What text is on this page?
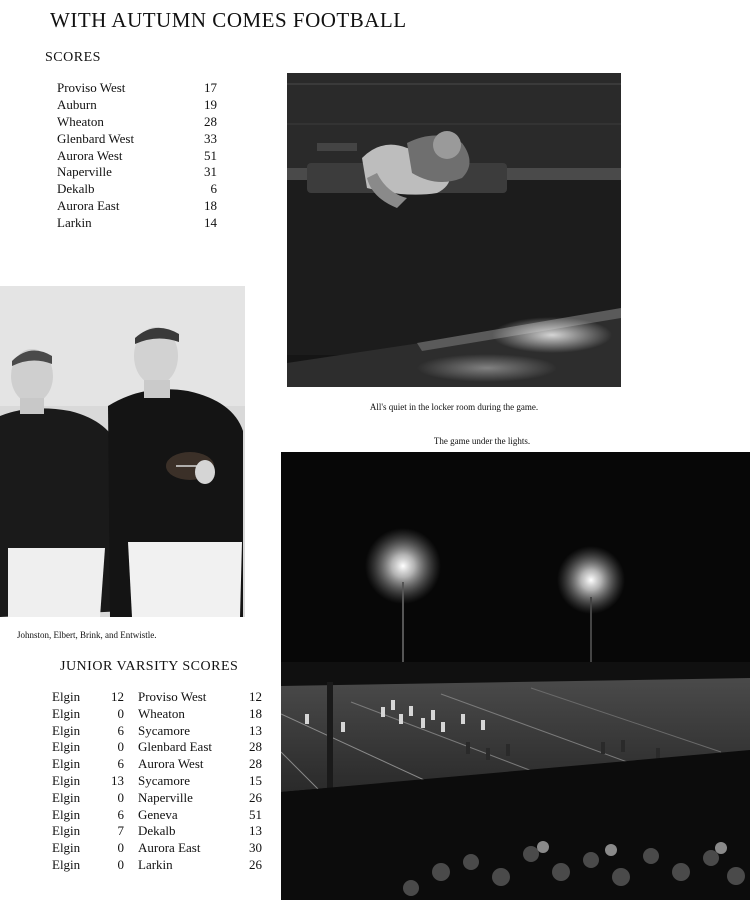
WITH AUTUMN COMES FOOTBALL
SCORES
Proviso West	17
Auburn	19
Wheaton	28
Glenbard West	33
Aurora West	51
Naperville	31
Dekalb	6
Aurora East	18
Larkin	14
All's quiet in the locker room during the game.
Johnston, Elbert, Brink, and Entwistle.
The game under the lights.
JUNIOR VARSITY SCORES
Elgin	12	Proviso West	12
Elgin	0	Wheaton	18
Elgin	6	Sycamore	13
Elgin	0	Glenbard East	28
Elgin	6	Aurora West	28
Elgin	13	Sycamore	15
Elgin	0	Naperville	26
Elgin	6	Geneva	51
Elgin	7	Dekalb	13
Elgin	0	Aurora East	30
Elgin	0	Larkin	26
